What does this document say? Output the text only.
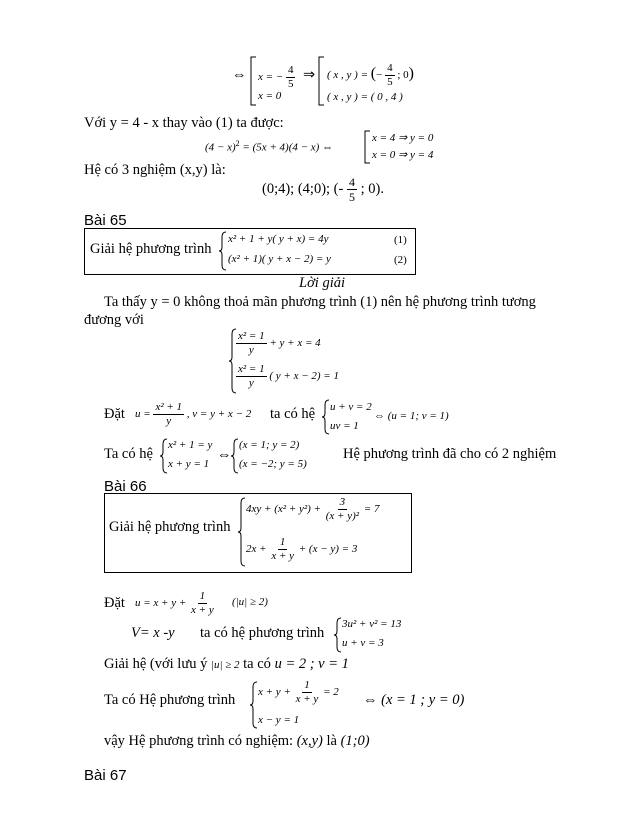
⇔ x = − $\frac{4}{5}$
x = 0
⇒ ( x , y ) = (− $\frac{4}{5}$ ; 0)
( x , y ) = ( 0 , 4 )
Với y = 4 - x thay vào (1) ta được:
$(4 - x)^2 = (5x + 4)(4 - x)$ ⇔
x = 4 ⇒ y = 0
x = 0 ⇒ y = 4
Hệ có 3 nghiệm (x,y) là:
(0;4); (4;0); (- $\frac{4}{5}$ ; 0).
Bài 65
Giải hệ phương trình
x² + 1 + y( y + x) = 4y	(1)
(x² + 1)( y + x − 2) = y	(2)
Lời giải
Ta thấy y = 0 không thoả mãn phương trình (1) nên hệ phương trình tương
đương với
$\frac{\text{x² = 1}}{y} + y + x = 4$
$\frac{\text{x² = 1}}{y}$ ( y + x − 2) = 1
Đặt $u = \frac{\text{x² + 1}}{y}$ , v = y + x − 2 ta có hệ u + v = 2
uv = 1
⇔ (u = 1; v = 1)
Ta có hệ
x² + 1 = y
x + y = 1
⇔
(x = 1; y = 2)
(x = −2; y = 5)
Hệ phương trình đã cho có 2 nghiệm
Bài 66
Giải hệ phương trình
$4xy + (x^2 + y^2) + \frac{3}{\text{(x + y)²}} = 7$
$2x + \frac{1}{x + y} + (x - y) = 3$
Đặt $u = x + y + \frac{1}{x + y} (|u| \ge 2)$
V= x -y ta có hệ phương trình
3u² + v² = 13
u + v = 3
Giải hệ (với lưu ý |u| ≥ 2 ta có u = 2 ; v = 1
Ta có Hệ phương trình $x + y + \frac{1}{x + y} = 2$
x − y = 1
⇔ (x = 1 ; y = 0)
vậy Hệ phương trình có nghiệm: (x,y) là (1;0)
Bài 67
